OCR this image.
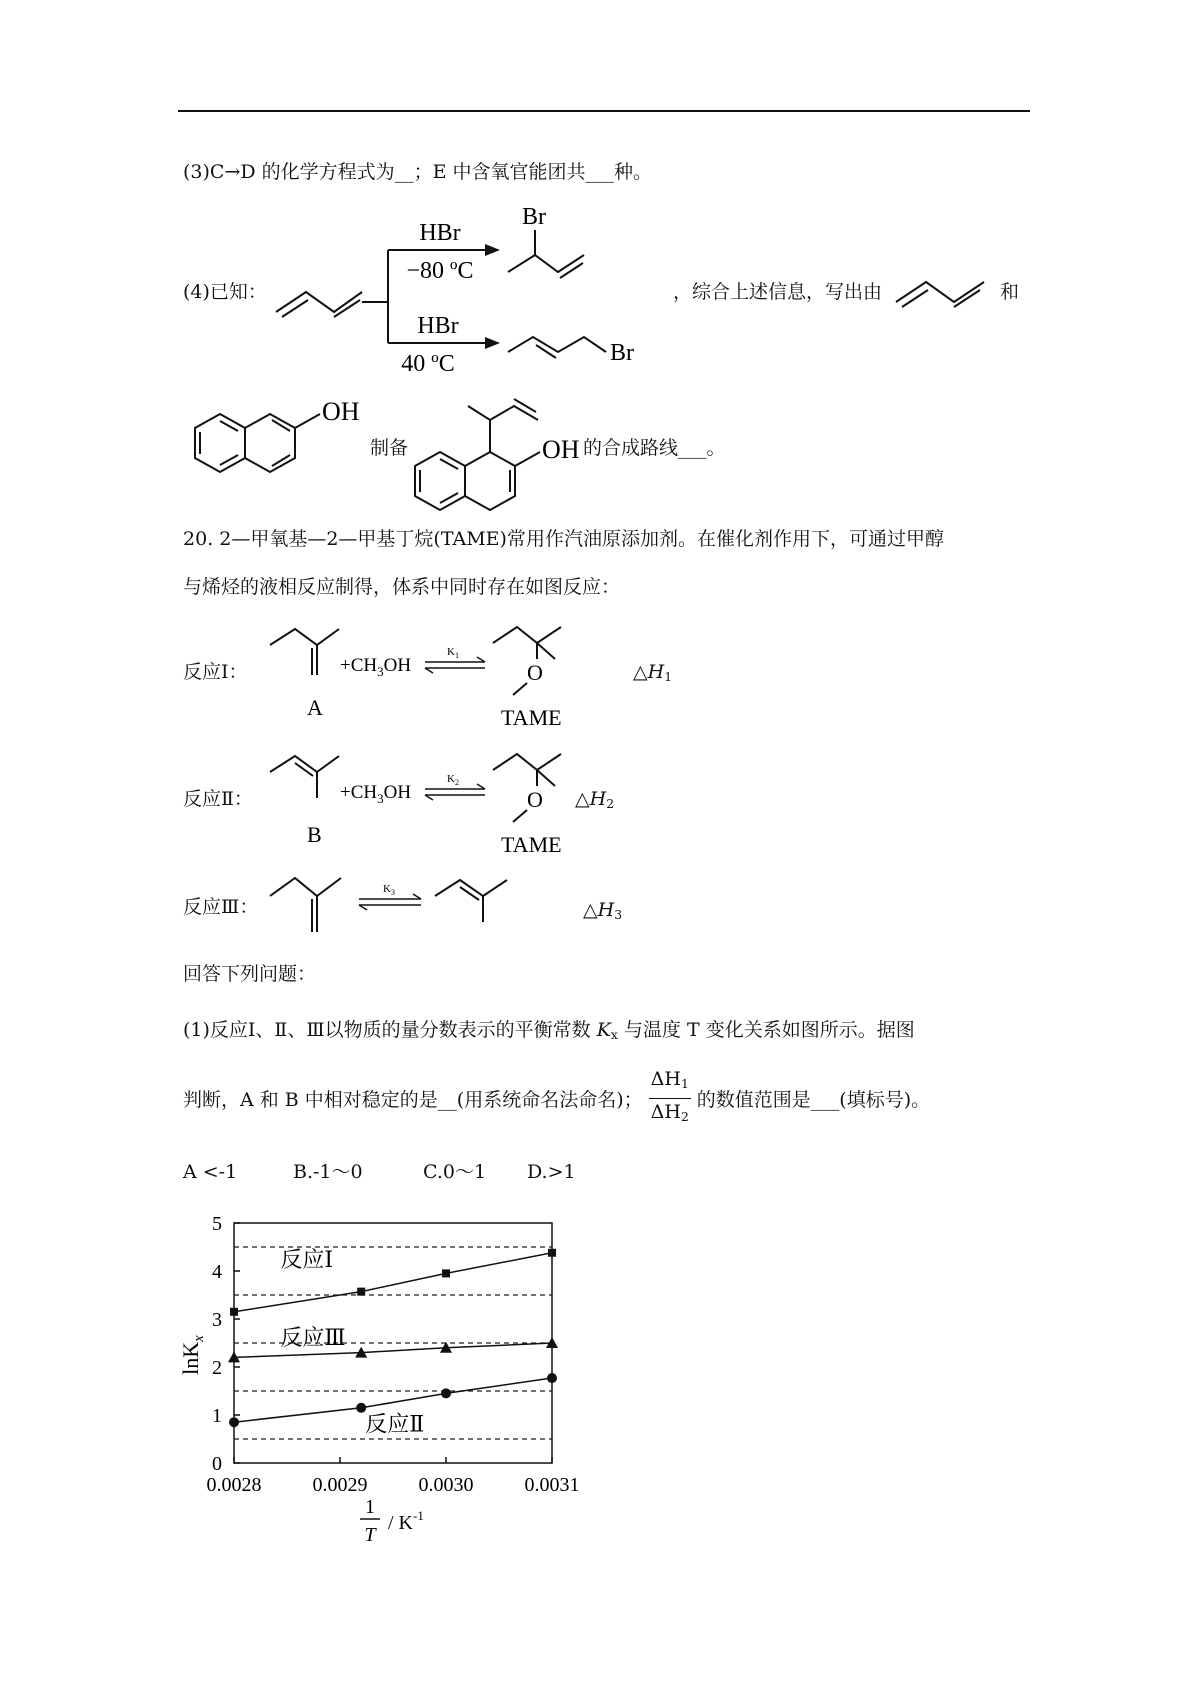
(3)C→D 的化学方程式为__；E 中含氧官能团共___种。
(4)已知：
HBr
−80 ºC
HBr
40 ºC
Br
Br
，综合上述信息，写出由	和
OH
制备	OH 的合成路线___。
20. 2—甲氧基—2—甲基丁烷(TAME)常用作汽油原添加剂。在催化剂作用下，可通过甲醇
与烯烃的液相反应制得，体系中同时存在如图反应：
反应Ⅰ：
A
$+CH_3OH$
$K_1$
O
TAME
$\triangle H_1$
反应Ⅱ：
B
$+CH_3OH$
$K_2$
O
TAME
$\triangle H_2$
反应Ⅲ：
$K_3$
$\triangle H_3$
回答下列问题：
(1)反应Ⅰ、Ⅱ、Ⅲ以物质的量分数表示的平衡常数 $K_x$ 与温度 T 变化关系如图所示。据图
判断，A 和 B 中相对稳定的是__(用系统命名法命名)； $\frac{\Delta H_1}{\Delta H_2}$ 的数值范围是___(填标号)。
A <-1	B.-1～0	C.0～1 D.>1
0
1
2
3
4
5
0.0028	0.0029	0.0030	0.0031
反应Ⅰ
反应Ⅲ
反应Ⅱ
lnK$_x$
1
T
/ $K^{-1}$
